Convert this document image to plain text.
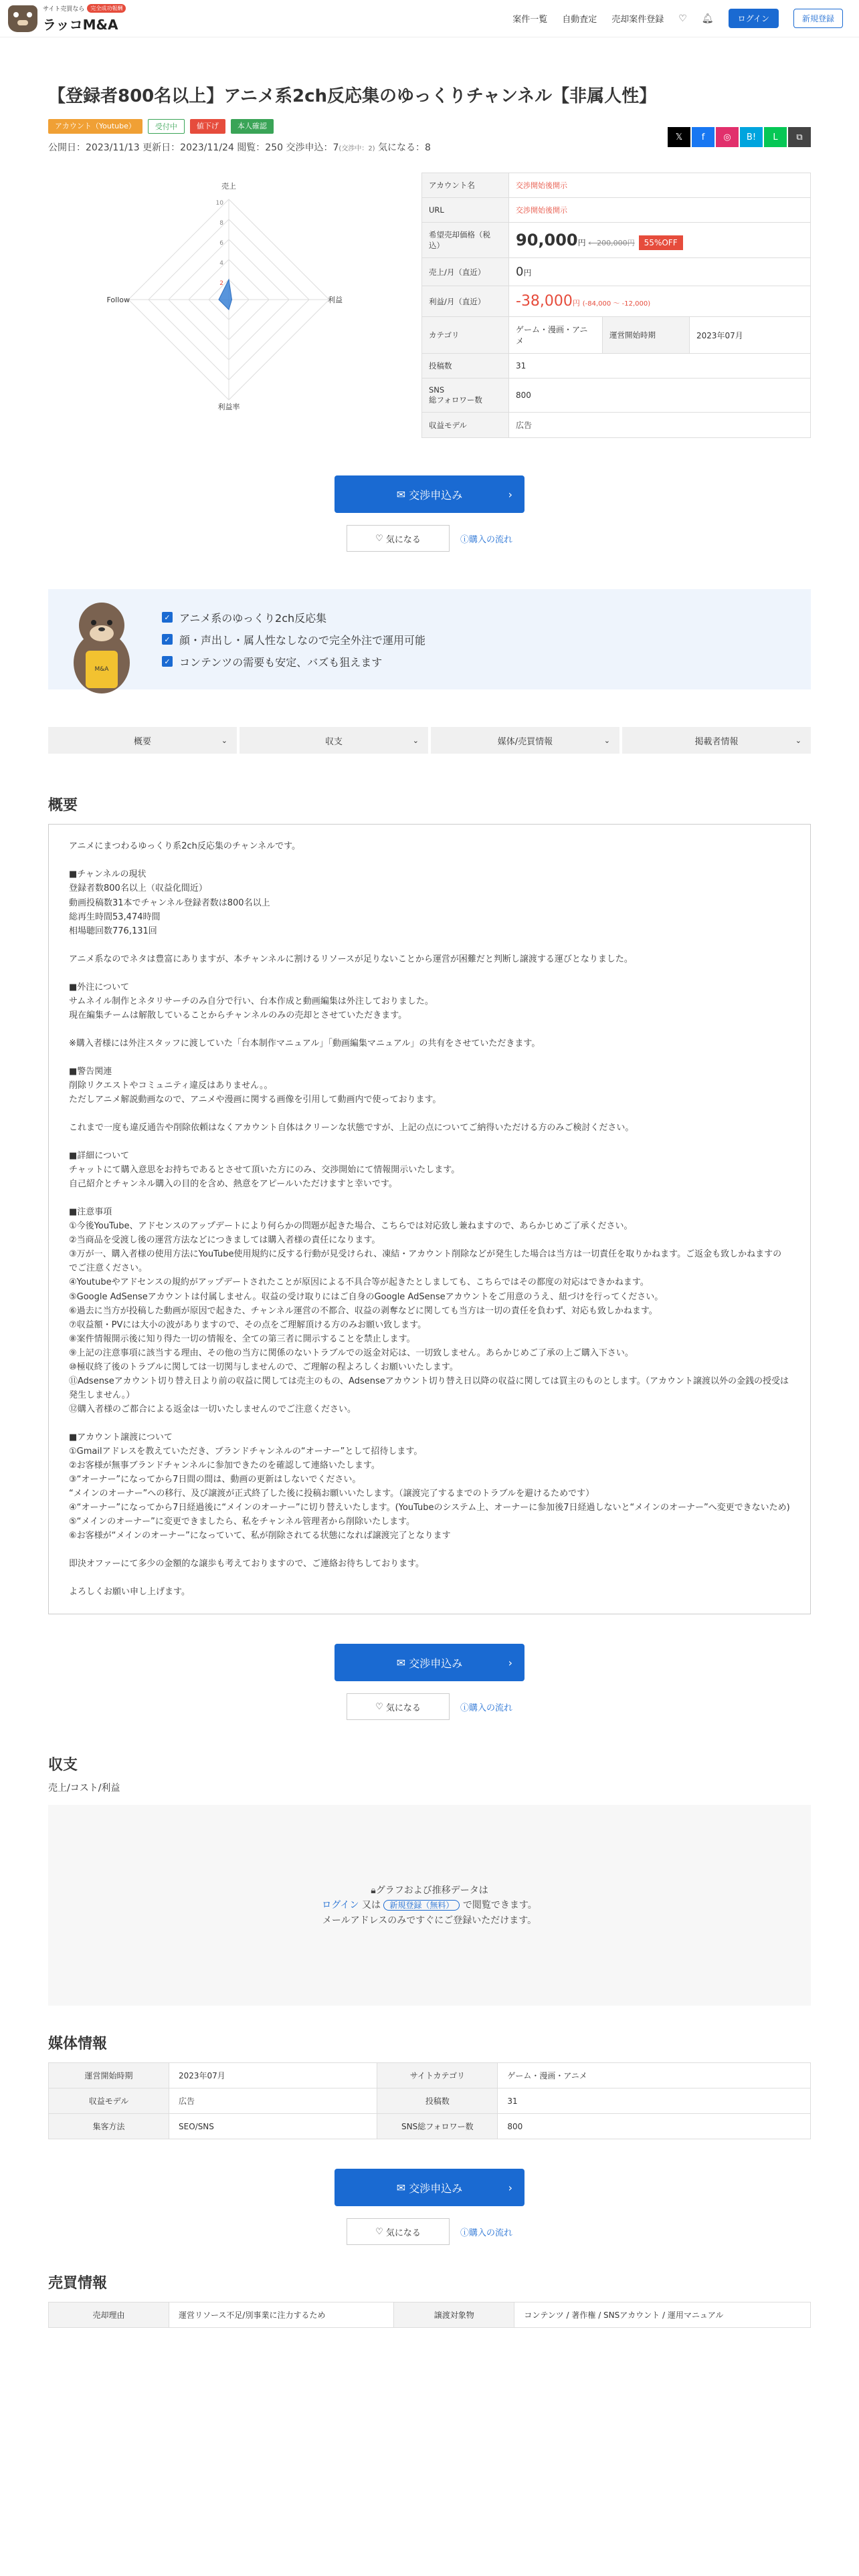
サイト売買なら	完全成功報酬
ラッコM&A	案件一覧 自動査定 売却案件登録 ♡ 🔔︎	ログイン	新規登録
【登録者800名以上】アニメ系2ch反応集のゆっくりチャンネル【非属人性】
アカウント（Youtube）	受付中	値下げ	本人確認
公開日：2023/11/13 更新日：2023/11/24 閲覧：250 交渉申込：7(交渉中：2) 気になる：8
𝕏	f	◎	B!	L	⧉
売上
利益
利益率
Follow
10
8
6
4
2
アカウント名	交渉開始後開示		
URL	交渉開始後開示		
希望売却価格（税込）	90,000円 ← 200,000円 55%OFF		
売上/月（直近）	0円		
利益/月（直近）	-38,000円 (-84,000 〜 -12,000)		
カテゴリ	ゲーム・漫画・アニメ	運営開始時期	2023年07月
投稿数	31		
SNS
総フォロワー数	800		
収益モデル	広告		
✉︎ 交渉申込み	›
♡ 気になる	ⓘ購入の流れ
M&A
✓ アニメ系のゆっくり2ch反応集
✓ 顔・声出し・属人性なしなので完全外注で運用可能
✓ コンテンツの需要も安定、バズも狙えます
概要	⌄	収支	⌄	媒体/売買情報	⌄	掲載者情報	⌄
概要

アニメにまつわるゆっくり系2ch反応集のチャンネルです。

■チャンネルの現状

登録者数800名以上（収益化間近）

動画投稿数31本でチャンネル登録者数は800名以上

総再生時間53,474時間

相場聴回数776,131回

アニメ系なのでネタは豊富にありますが、本チャンネルに割けるリソースが足りないことから運営が困難だと判断し譲渡する運びとなりました。

■外注について

サムネイル制作とネタリサーチのみ自分で行い、台本作成と動画編集は外注しておりました。

現在編集チームは解散していることからチャンネルのみの売却とさせていただきます。

※購入者様には外注スタッフに渡していた「台本制作マニュアル」「動画編集マニュアル」の共有をさせていただきます。

■警告関連

削除リクエストやコミュニティ違反はありません。。

ただしアニメ解説動画なので、アニメや漫画に関する画像を引用して動画内で使っております。

これまで一度も違反通告や削除依頼はなくアカウント自体はクリーンな状態ですが、上記の点についてご納得いただける方のみご検討ください。

■詳細について

チャットにて購入意思をお持ちであるとさせて頂いた方にのみ、交渉開始にて情報開示いたします。

自己紹介とチャンネル購入の目的を含め、熱意をアピールいただけますと幸いです。

■注意事項

①今後YouTube、アドセンスのアップデートにより何らかの問題が起きた場合、こちらでは対応致し兼ねますので、あらかじめご了承ください。

②当商品を受渡し後の運営方法などにつきましては購入者様の責任になります。

③万が一、購入者様の使用方法にYouTube使用規約に反する行動が見受けられ、凍結・アカウント削除などが発生した場合は当方は一切責任を取りかねます。ご返金も致しかねますのでご注意ください。

④Youtubeやアドセンスの規約がアップデートされたことが原因による不具合等が起きたとしましても、こちらではその都度の対応はできかねます。

⑤Google AdSenseアカウントは付属しません。収益の受け取りにはご自身のGoogle AdSenseアカウントをご用意のうえ、紐づけを行ってください。

⑥過去に当方が投稿した動画が原因で起きた、チャンネル運営の不都合、収益の剥奪などに関しても当方は一切の責任を負わず、対応も致しかねます。

⑦収益額・PVには大小の波がありますので、その点をご理解頂ける方のみお願い致します。

⑧案件情報開示後に知り得た一切の情報を、全ての第三者に開示することを禁止します。

⑨上記の注意事項に該当する理由、その他の当方に関係のないトラブルでの返金対応は、一切致しません。あらかじめご了承の上ご購入下さい。

⑩極収終了後のトラブルに関しては一切関与しませんので、ご理解の程よろしくお願いいたします。

⑪Adsenseアカウント切り替え日より前の収益に関しては売主のもの、Adsenseアカウント切り替え日以降の収益に関しては買主のものとします。（アカウント譲渡以外の金銭の授受は発生しません。）

⑫購入者様のご都合による返金は一切いたしませんのでご注意ください。

■アカウント譲渡について

①Gmailアドレスを教えていただき、ブランドチャンネルの“オーナー”として招待します。

②お客様が無事ブランドチャンネルに参加できたのを確認して連絡いたします。

③“オーナー”になってから7日間の間は、動画の更新はしないでください。

“メインのオーナー”への移行、及び譲渡が正式終了した後に投稿お願いいたします。（譲渡完了するまでのトラブルを避けるためです）

④“オーナー”になってから7日経過後に“メインのオーナー”に切り替えいたします。(YouTubeのシステム上、オーナーに参加後7日経過しないと“メインのオーナー”へ変更できないため)

⑤“メインのオーナー”に変更できましたら、私をチャンネル管理者から削除いたします。

⑥お客様が“メインのオーナー”になっていて、私が削除されてる状態になれば譲渡完了となります

即決オファーにて多少の金額的な譲歩も考えておりますので、ご連絡お待ちしております。

よろしくお願い申し上げます。

✉︎ 交渉申込み	›
♡ 気になる	ⓘ購入の流れ
収支
売上/コスト/利益
🔒︎グラフおよび推移データは
ログイン 又は 新規登録（無料） で閲覧できます。
メールアドレスのみですぐにご登録いただけます。
媒体情報
運営開始時期	2023年07月	サイトカテゴリ	ゲーム・漫画・アニメ
収益モデル	広告	投稿数	31
集客方法	SEO/SNS	SNS総フォロワー数	800
✉︎ 交渉申込み	›
♡ 気になる	ⓘ購入の流れ
売買情報
売却理由	運営リソース不足/別事業に注力するため	譲渡対象物	コンテンツ / 著作権 / SNSアカウント / 運用マニュアル
